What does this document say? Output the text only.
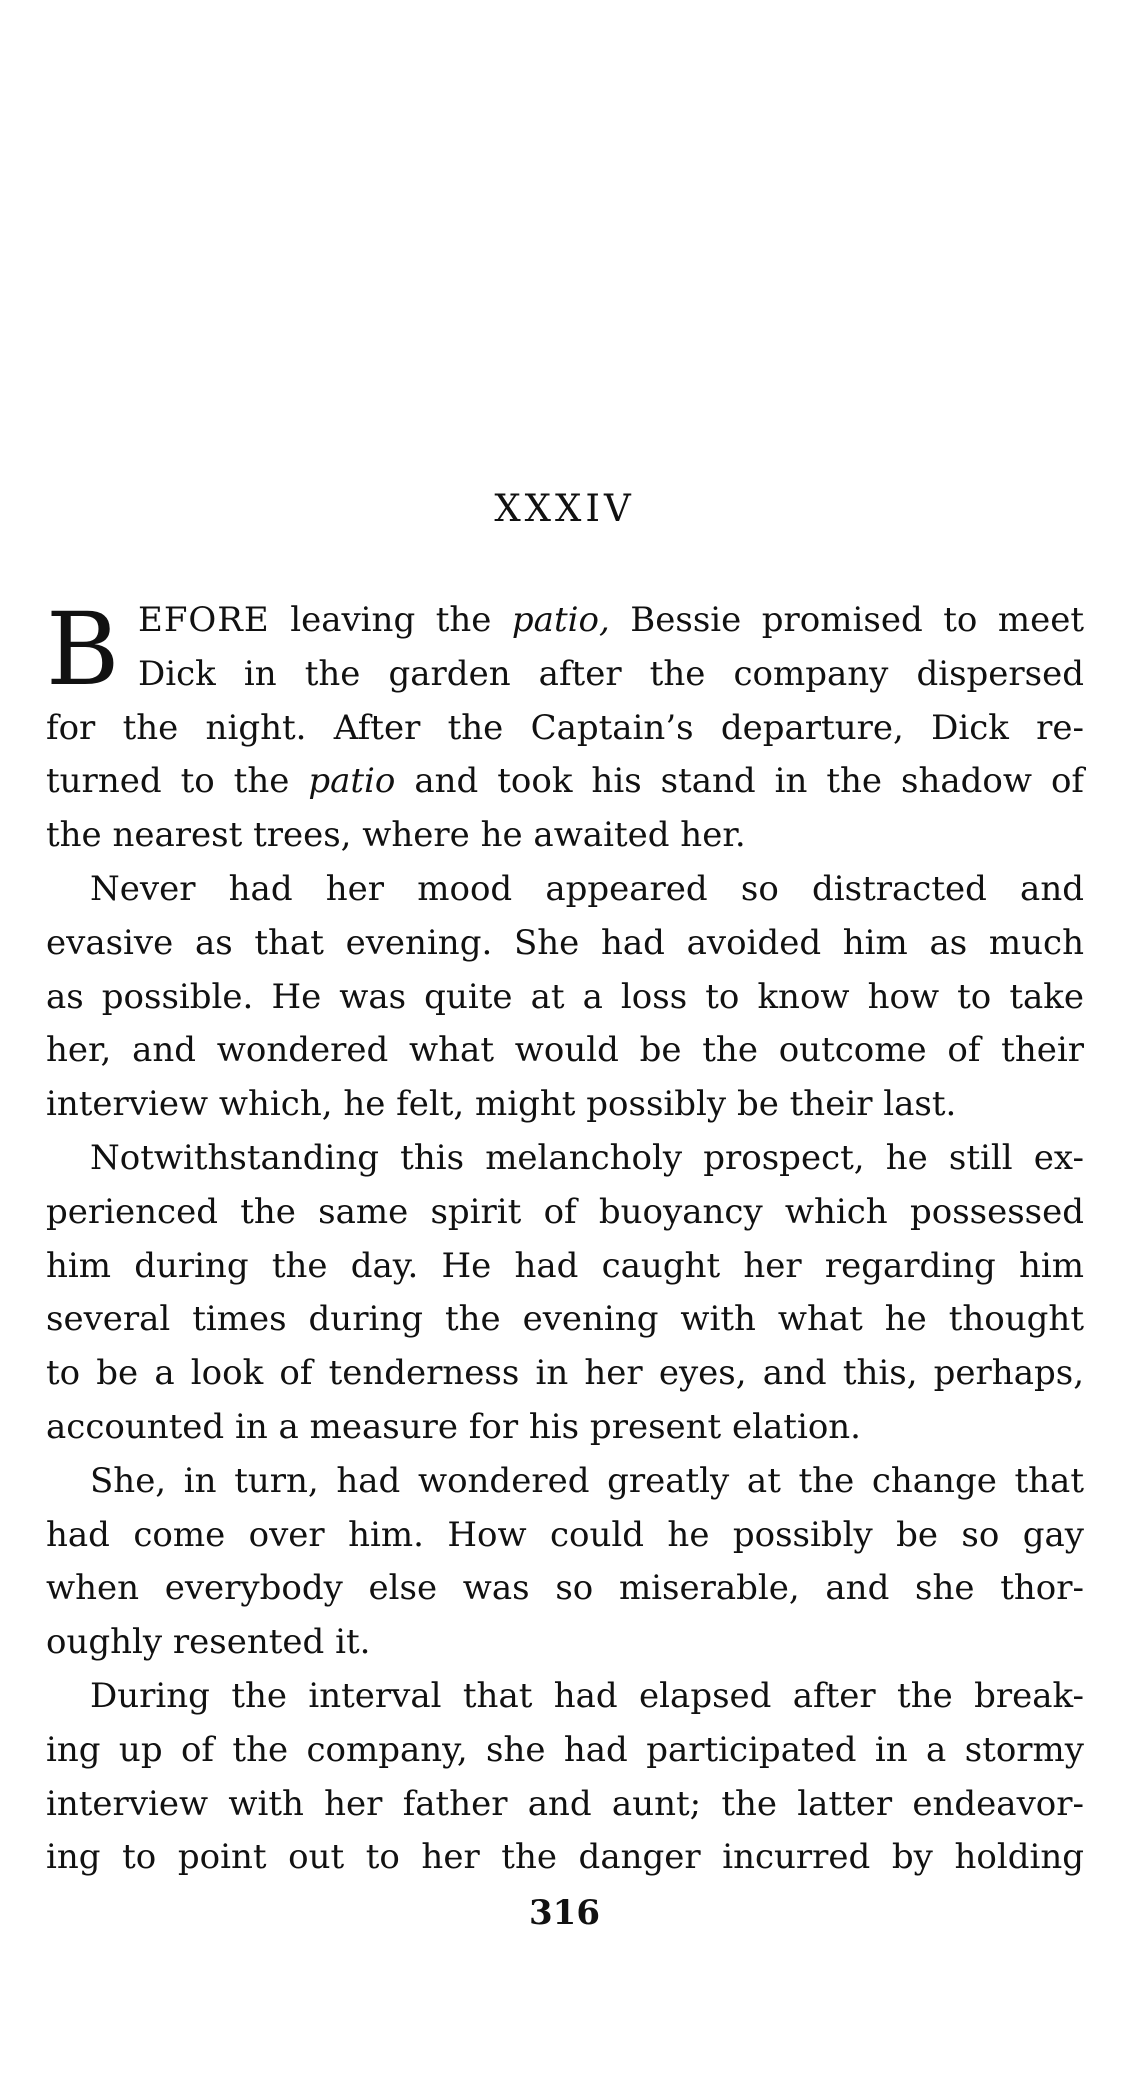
XXXIV
B EFORE leaving the patio, Bessie promised to meet
Dick in the garden after the company dispersed
for the night. After the Captain’s departure, Dick re-
turned to the patio and took his stand in the shadow of
the nearest trees, where he awaited her.
Never had her mood appeared so distracted and
evasive as that evening. She had avoided him as much
as possible. He was quite at a loss to know how to take
her, and wondered what would be the outcome of their
interview which, he felt, might possibly be their last.
Notwithstanding this melancholy prospect, he still ex-
perienced the same spirit of buoyancy which possessed
him during the day. He had caught her regarding him
several times during the evening with what he thought
to be a look of tenderness in her eyes, and this, perhaps,
accounted in a measure for his present elation.
She, in turn, had wondered greatly at the change that
had come over him. How could he possibly be so gay
when everybody else was so miserable, and she thor-
oughly resented it.
During the interval that had elapsed after the break-
ing up of the company, she had participated in a stormy
interview with her father and aunt; the latter endeavor-
ing to point out to her the danger incurred by holding
316
